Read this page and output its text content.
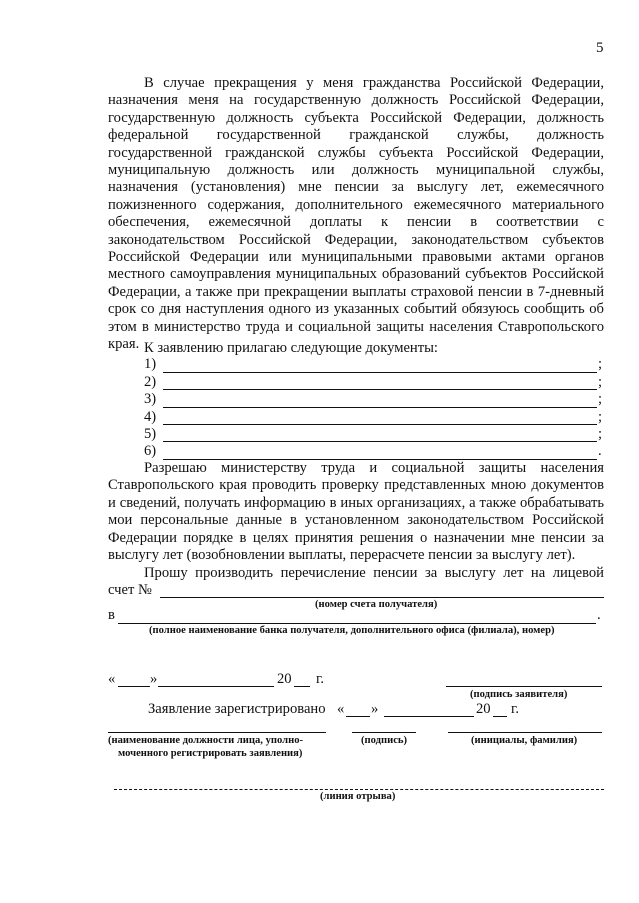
5
В случае прекращения у меня гражданства Российской Федерации, назначения меня на государственную должность Российской Федерации, государственную должность субъекта Российской Федерации, должность федеральной государственной гражданской службы, должность государственной гражданской службы субъекта Российской Федерации, муниципальную должность или должность муниципальной службы, назначения (установления) мне пенсии за выслугу лет, ежемесячного пожизненного содержания, дополнительного ежемесячного материального обеспечения, ежемесячной доплаты к пенсии в соответствии с законодательством Российской Федерации, законодательством субъектов Российской Федерации или муниципальными правовыми актами органов местного самоуправления муниципальных образований субъектов Российской Федерации, а также при прекращении выплаты страховой пенсии в 7-дневный срок со дня наступления одного из указанных событий обязуюсь сообщить об этом в министерство труда и социальной защиты населения Ставропольского края. К заявлению прилагаю следующие документы:
1)	;
2)	;
3)	;
4)	;
5)	;
6)	.
Разрешаю министерству труда и социальной защиты населения Ставропольского края проводить проверку представленных мною документов и сведений, получать информацию в иных организациях, а также обрабатывать мои персональные данные в установленном законодательством Российской Федерации порядке в целях принятия решения о назначении мне пенсии за выслугу лет (возобновлении выплаты, перерасчете пенсии за выслугу лет).
Прошу производить перечисление пенсии за выслугу лет на лицевой
счет №
(номер счета получателя)
в	.
(полное наименование банка получателя, дополнительного офиса (филиала), номер)
« »	20 г.
(подпись заявителя)
Заявление зарегистрировано « »	20 г.
(наименование должности лица, уполно-
моченного регистрировать заявления)
(подпись)	(инициалы, фамилия)
(линия отрыва)
